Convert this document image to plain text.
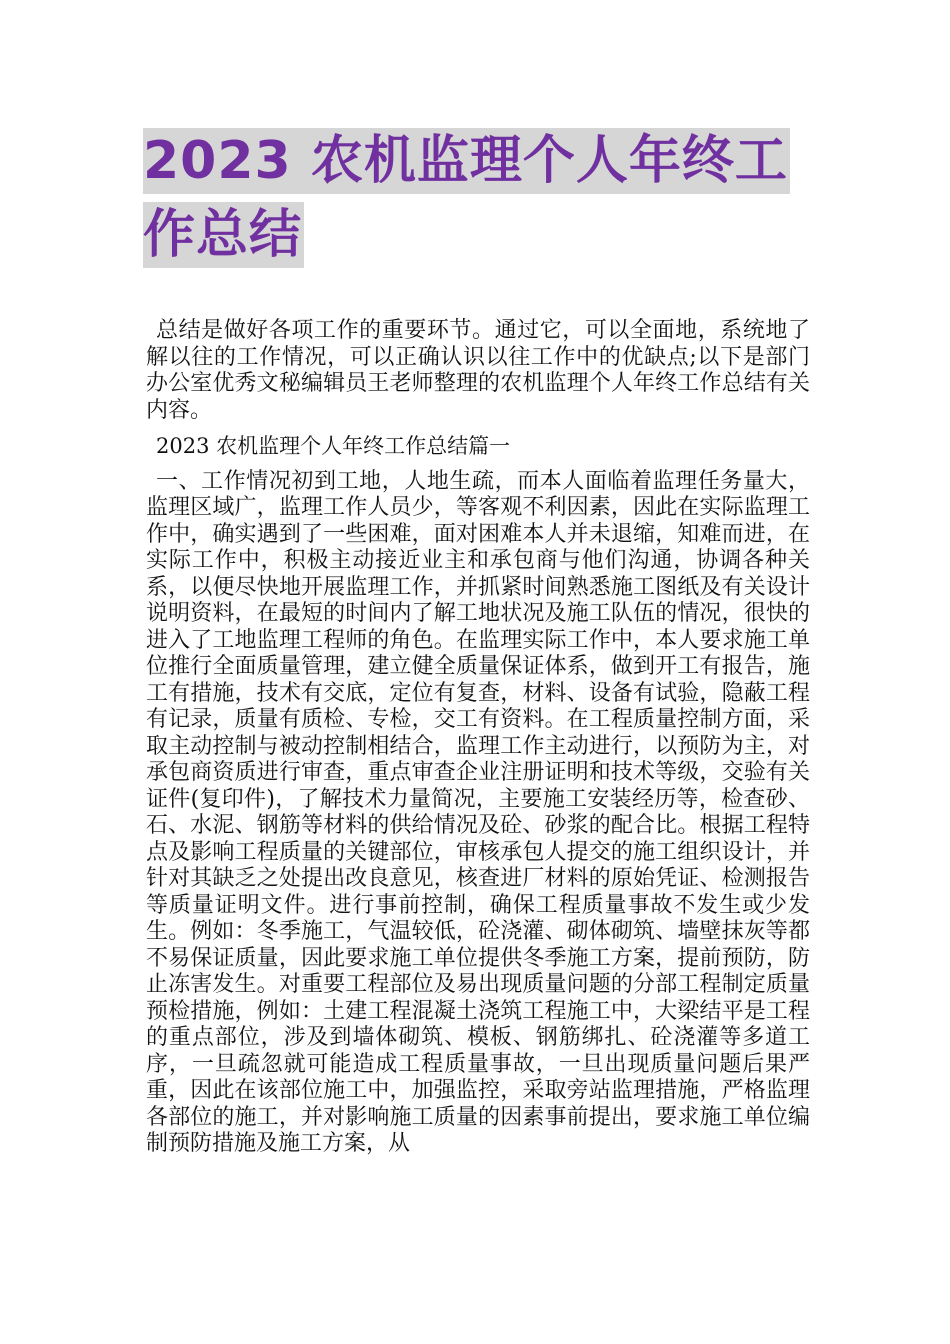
2023 农机监理个人年终工
作总结

总结是做好各项工作的重要环节。通过它，可以全面地，系统地了解以往的工作情况，可以正确认识以往工作中的优缺点;以下是部门办公室优秀文秘编辑员王老师整理的农机监理个人年终工作总结有关内容。

2023 农机监理个人年终工作总结篇一

一、工作情况初到工地，人地生疏，而本人面临着监理任务量大，监理区域广，监理工作人员少，等客观不利因素，因此在实际监理工作中，确实遇到了一些困难，面对困难本人并未退缩，知难而进，在实际工作中，积极主动接近业主和承包商与他们沟通，协调各种关系，以便尽快地开展监理工作，并抓紧时间熟悉施工图纸及有关设计说明资料，在最短的时间内了解工地状况及施工队伍的情况，很快的进入了工地监理工程师的角色。在监理实际工作中，本人要求施工单位推行全面质量管理，建立健全质量保证体系，做到开工有报告，施工有措施，技术有交底，定位有复查，材料、设备有试验，隐蔽工程有记录，质量有质检、专检，交工有资料。在工程质量控制方面，采取主动控制与被动控制相结合，监理工作主动进行，以预防为主，对承包商资质进行审查，重点审查企业注册证明和技术等级，交验有关证件(复印件)，了解技术力量简况，主要施工安装经历等，检查砂、石、水泥、钢筋等材料的供给情况及砼、砂浆的配合比。根据工程特点及影响工程质量的关键部位，审核承包人提交的施工组织设计，并针对其缺乏之处提出改良意见，核查进厂材料的原始凭证、检测报告等质量证明文件。进行事前控制，确保工程质量事故不发生或少发生。例如：冬季施工，气温较低，砼浇灌、砌体砌筑、墙壁抹灰等都不易保证质量，因此要求施工单位提供冬季施工方案，提前预防，防止冻害发生。对重要工程部位及易出现质量问题的分部工程制定质量预检措施，例如：土建工程混凝土浇筑工程施工中，大梁结平是工程的重点部位，涉及到墙体砌筑、模板、钢筋绑扎、砼浇灌等多道工序，一旦疏忽就可能造成工程质量事故，一旦出现质量问题后果严重，因此在该部位施工中，加强监控，采取旁站监理措施，严格监理各部位的施工，并对影响施工质量的因素事前提出，要求施工单位编制预防措施及施工方案，从
